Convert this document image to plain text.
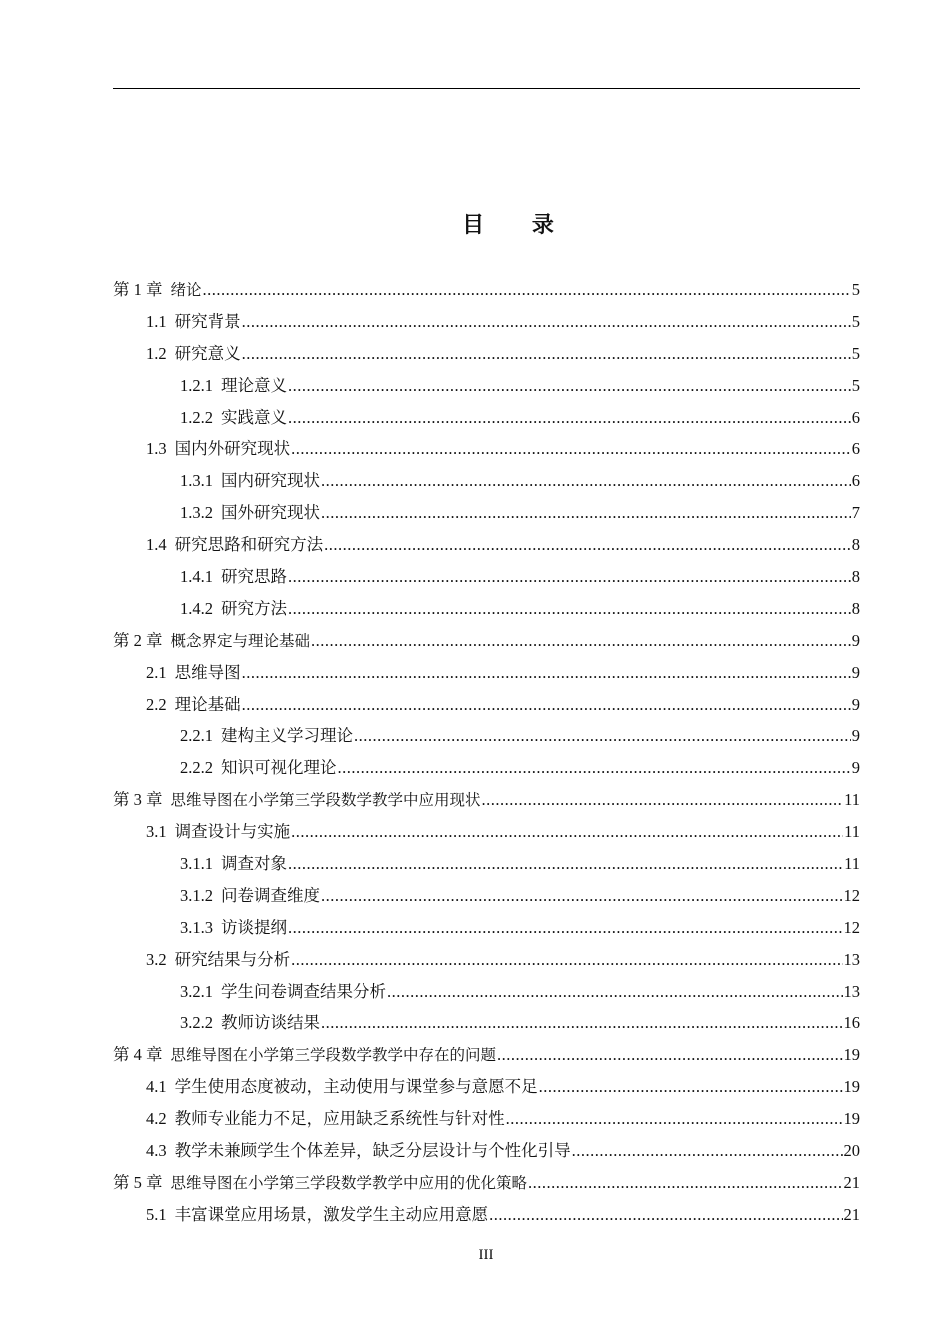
目 录
第 1 章 绪论 .....	5
1.1 研究背景 .....	5
1.2 研究意义 .....	5
1.2.1 理论意义 .....	5
1.2.2 实践意义 .....	6
1.3 国内外研究现状 .....	6
1.3.1 国内研究现状 .....	6
1.3.2 国外研究现状 .....	7
1.4 研究思路和研究方法 .....	8
1.4.1 研究思路 .....	8
1.4.2 研究方法 .....	8
第 2 章 概念界定与理论基础 .....	9
2.1 思维导图 .....	9
2.2 理论基础 .....	9
2.2.1 建构主义学习理论 .....	9
2.2.2 知识可视化理论 .....	9
第 3 章 思维导图在小学第三学段数学教学中应用现状 .....	11
3.1 调查设计与实施 .....	11
3.1.1 调查对象 .....	11
3.1.2 问卷调查维度 .....	12
3.1.3 访谈提纲 .....	12
3.2 研究结果与分析 .....	13
3.2.1 学生问卷调查结果分析 .....	13
3.2.2 教师访谈结果 .....	16
第 4 章 思维导图在小学第三学段数学教学中存在的问题 .....	19
4.1 学生使用态度被动，主动使用与课堂参与意愿不足 .....	19
4.2 教师专业能力不足，应用缺乏系统性与针对性 .....	19
4.3 教学未兼顾学生个体差异，缺乏分层设计与个性化引导 .....	20
第 5 章 思维导图在小学第三学段数学教学中应用的优化策略 .....	21
5.1 丰富课堂应用场景，激发学生主动应用意愿 .....	21
III
